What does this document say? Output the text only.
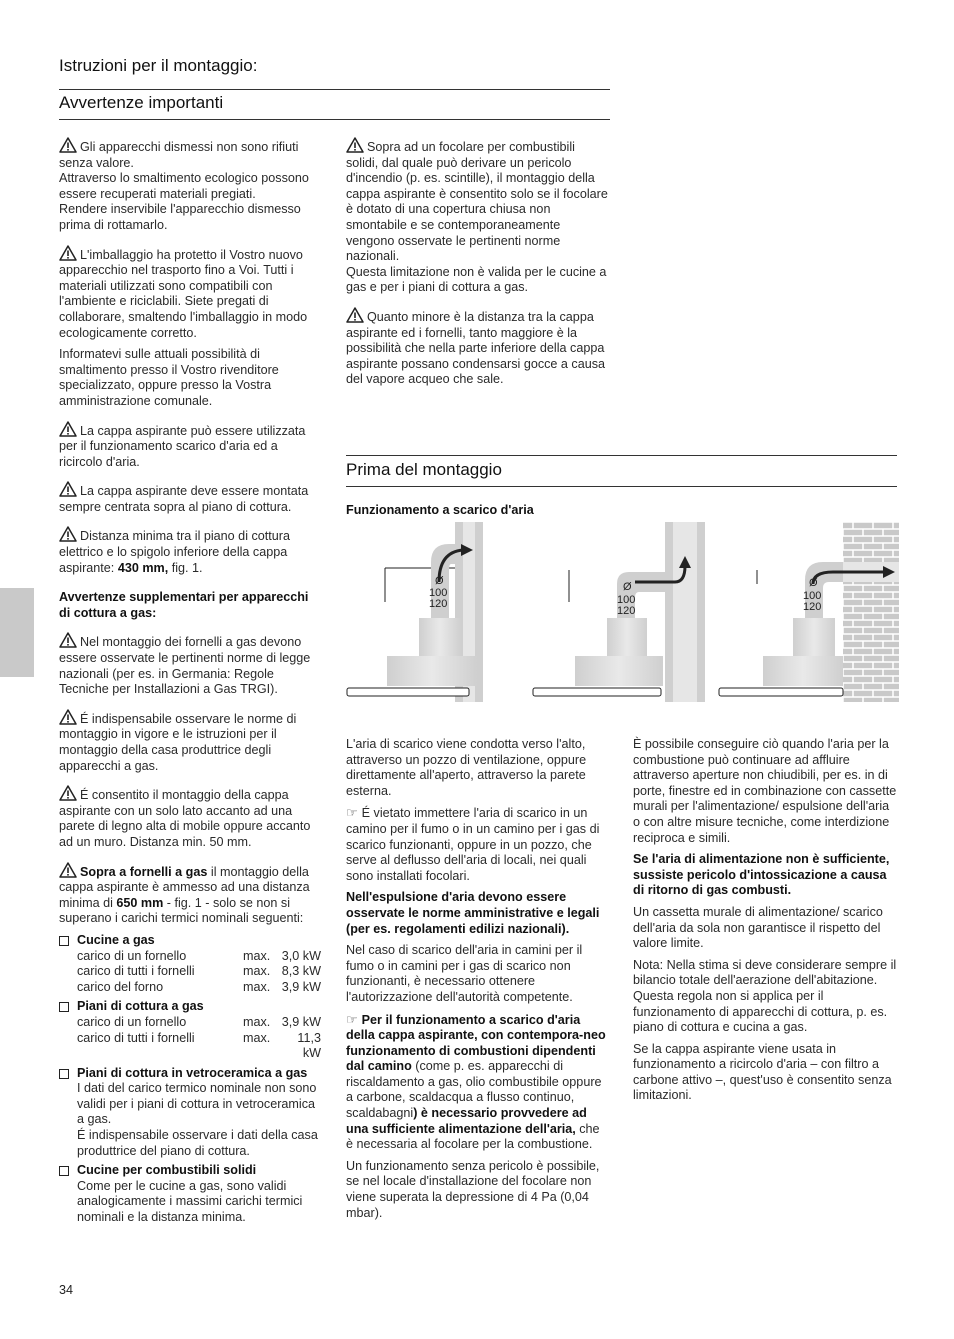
Istruzioni per il montaggio:
Avvertenze importanti

Gli apparecchi dismessi non sono rifiuti senza valore.
Attraverso lo smaltimento ecologico possono essere recuperati materiali pregiati.
Rendere inservibile l'apparecchio dismesso prima di rottamarlo.

L'imballaggio ha protetto il Vostro nuovo apparecchio nel trasporto fino a Voi. Tutti i materiali utilizzati sono compatibili con l'ambiente e riciclabili. Siete pregati di collaborare, smaltendo l'imballaggio in modo ecologicamente corretto.

Informatevi sulle attuali possibilità di smaltimento presso il Vostro rivenditore specializzato, oppure presso la Vostra amministrazione comunale.

La cappa aspirante può essere utilizzata per il funzionamento scarico d'aria ed a ricircolo d'aria.

La cappa aspirante deve essere montata sempre centrata sopra al piano di cottura.

Distanza minima tra il piano di cottura elettrico e lo spigolo inferiore della cappa aspirante: 430 mm, fig. 1.

Avvertenze supplementari per apparecchi di cottura a gas:

Nel montaggio dei fornelli a gas devono essere osservate le pertinenti norme di legge nazionali (per es. in Germania: Regole Tecniche per Installazioni a Gas TRGI).

É indispensabile osservare le norme di montaggio in vigore e le istruzioni per il montaggio della casa produttrice degli apparecchi a gas.

É consentito il montaggio della cappa aspirante con un solo lato accanto ad una parete di legno alta di mobile oppure accanto ad un muro. Distanza min. 50 mm.

Sopra a fornelli a gas il montaggio della cappa aspirante è ammesso ad una distanza minima di 650 mm - fig. 1 - solo se non si superano i carichi termici nominali seguenti:

Cucine a gas
carico di un fornello	max. 3,0 kW
carico di tutti i fornelli	max. 8,3 kW
carico del forno	max. 3,9 kW
Piani di cottura a gas
carico di un fornello	max. 3,9 kW
carico di tutti i fornelli	max.	11,3 kW
Piani di cottura in vetroceramica a gas
I dati del carico termico nominale non sono validi per i piani di cottura in vetroceramica a gas.
É indispensabile osservare i dati della casa produttrice del piano di cottura.
Cucine per combustibili solidi
Come per le cucine a gas, sono validi analogicamente i massimi carichi termici nominali e la distanza minima.

Sopra ad un focolare per combustibili solidi, dal quale può derivare un pericolo d'incendio (p. es. scintille), il montaggio della cappa aspirante è consentito solo se il focolare è dotato di una copertura chiusa non smontabile e se contemporaneamente vengono osservate le pertinenti norme nazionali.

Questa limitazione non è valida per le cucine a gas e per i piani di cottura a gas.

Quanto minore è la distanza tra la cappa aspirante ed i fornelli, tanto maggiore è la possibilità che nella parte inferiore della cappa aspirante possano condensarsi gocce a causa del vapore acqueo che sale.

Prima del montaggio
Funzionamento a scarico d'aria
Ø
100
120
Ø
100
120
Ø
100
120

L'aria di scarico viene condotta verso l'alto, attraverso un pozzo di ventilazione, oppure direttamente all'aperto, attraverso la parete esterna.

☞ É vietato immettere l'aria di scarico in un camino per il fumo o in un camino per i gas di scarico funzionanti, oppure in un pozzo, che serve al deflusso dell'aria di locali, nei quali sono installati focolari.

Nell'espulsione d'aria devono essere osservate le norme amministrative e legali (per es. regolamenti edilizi nazionali).

Nel caso di scarico dell'aria in camini per il fumo o in camini per i gas di scarico non funzionanti, è necessario ottenere l'autorizzazione dell'autorità competente.

☞ Per il funzionamento a scarico d'aria della cappa aspirante, con contempora-neo funzionamento di combustioni dipendenti dal camino (come p. es. apparecchi di riscaldamento a gas, olio combustibile oppure a carbone, scaldacqua a flusso continuo, scaldabagni) è necessario provvedere ad una sufficiente alimentazione dell'aria, che è necessaria al focolare per la combustione.

Un funzionamento senza pericolo è possibile, se nel locale d'installazione del focolare non viene superata la depressione di 4 Pa (0,04 mbar).

È possibile conseguire ciò quando l'aria per la combustione può continuare ad affluire attraverso aperture non chiudibili, per es. in di porte, finestre ed in combinazione con cassette murali per l'alimentazione/ espulsione dell'aria o con altre misure tecniche, come interdizione reciproca e simili.

Se l'aria di alimentazione non è sufficiente, sussiste pericolo d'intossicazione a causa di ritorno di gas combusti.

Un cassetta murale di alimentazione/ scarico dell'aria da sola non garantisce il rispetto del valore limite.

Nota: Nella stima si deve considerare sempre il bilancio totale dell'aerazione dell'abitazione. Questa regola non si applica per il funzionamento di apparecchi di cottura, p. es. piano di cottura e cucina a gas.

Se la cappa aspirante viene usata in funzionamento a ricircolo d'aria – con filtro a carbone attivo –, quest'uso è consentito senza limitazioni.

34
